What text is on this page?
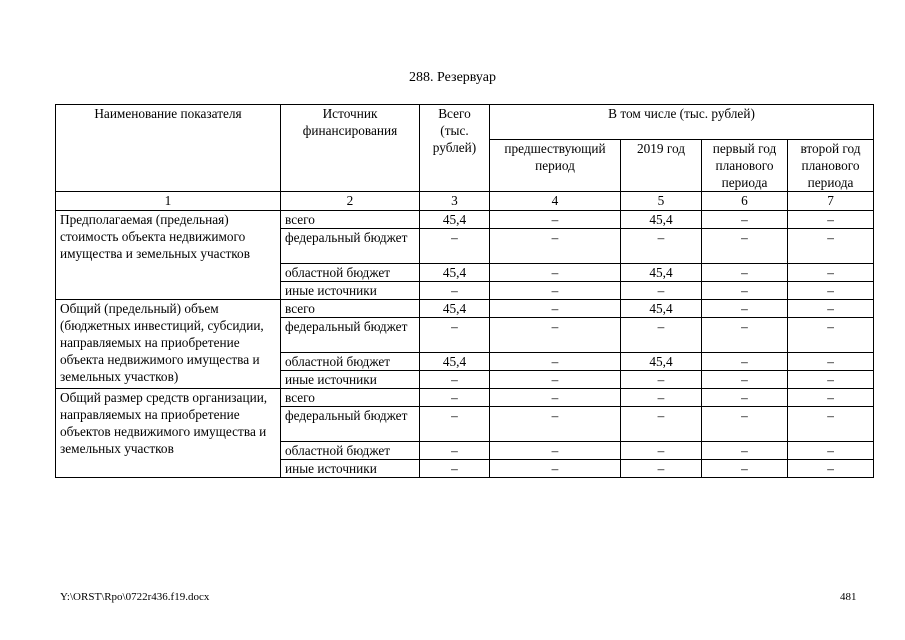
288. Резервуар
Наименование показателя	Источник финансирования	Всего (тыс. рублей)	В том числе (тыс. рублей)			
			предшествующий период	2019 год	первый год планового периода	второй год планового периода
1	2	3	4	5	6	7
Предполагаемая (предельная) стоимость объекта недвижимого имущества и земельных участков	всего	45,4	–	45,4	–	–
	федеральный бюджет	–	–	–	–	–
	областной бюджет	45,4	–	45,4	–	–
	иные источники	–	–	–	–	–
Общий (предельный) объем (бюджетных инвестиций, субсидии, направляемых на приобретение объекта недвижимого имущества и земельных участков)	всего	45,4	–	45,4	–	–
	федеральный бюджет	–	–	–	–	–
	областной бюджет	45,4	–	45,4	–	–
	иные источники	–	–	–	–	–
Общий размер средств организации, направляемых на приобретение объектов недвижимого имущества и земельных участков	всего	–	–	–	–	–
	федеральный бюджет	–	–	–	–	–
	областной бюджет	–	–	–	–	–
	иные источники	–	–	–	–	–
Y:\ORST\Rpo\0722r436.f19.docx	481
